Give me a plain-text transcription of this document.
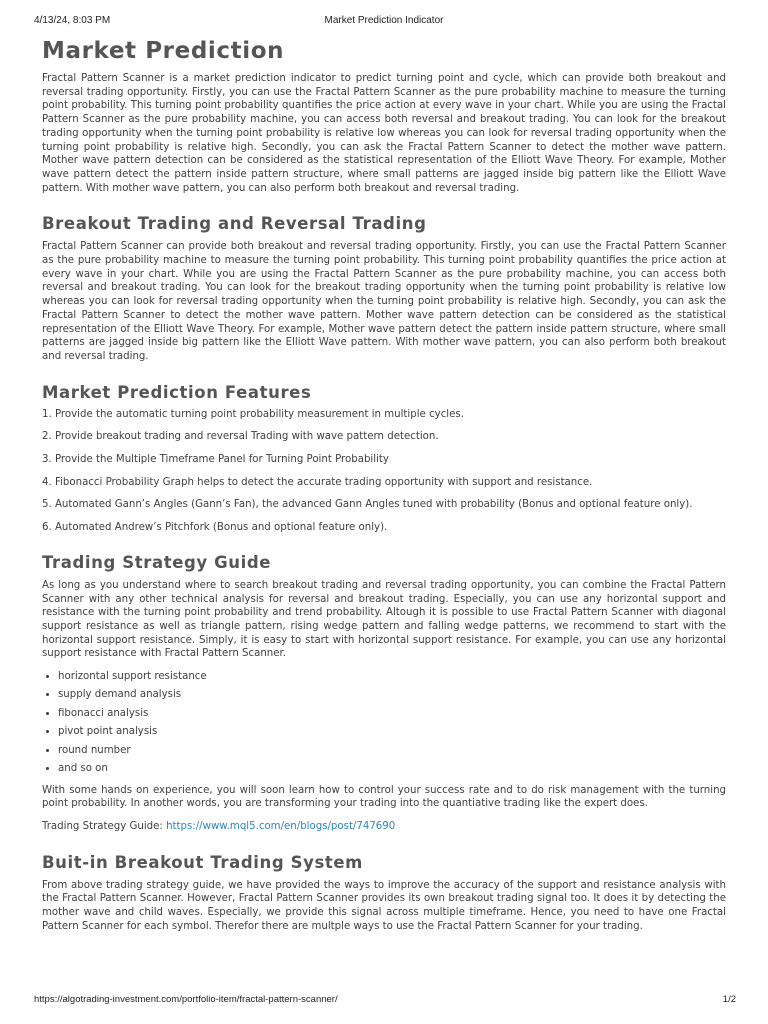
4/13/24, 8:03 PM	Market Prediction Indicator
Market Prediction

Fractal Pattern Scanner is a market prediction indicator to predict turning point and cycle, which can provide both breakout and reversal trading opportunity. Firstly, you can use the Fractal Pattern Scanner as the pure probability machine to measure the turning point probability. This turning point probability quantifies the price action at every wave in your chart. While you are using the Fractal Pattern Scanner as the pure probability machine, you can access both reversal and breakout trading. You can look for the breakout trading opportunity when the turning point probability is relative low whereas you can look for reversal trading opportunity when the turning point probability is relative high. Secondly, you can ask the Fractal Pattern Scanner to detect the mother wave pattern. Mother wave pattern detection can be considered as the statistical representation of the Elliott Wave Theory. For example, Mother wave pattern detect the pattern inside pattern structure, where small patterns are jagged inside big pattern like the Elliott Wave pattern. With mother wave pattern, you can also perform both breakout and reversal trading.

Breakout Trading and Reversal Trading

Fractal Pattern Scanner can provide both breakout and reversal trading opportunity. Firstly, you can use the Fractal Pattern Scanner as the pure probability machine to measure the turning point probability. This turning point probability quantifies the price action at every wave in your chart. While you are using the Fractal Pattern Scanner as the pure probability machine, you can access both reversal and breakout trading. You can look for the breakout trading opportunity when the turning point probability is relative low whereas you can look for reversal trading opportunity when the turning point probability is relative high. Secondly, you can ask the Fractal Pattern Scanner to detect the mother wave pattern. Mother wave pattern detection can be considered as the statistical representation of the Elliott Wave Theory. For example, Mother wave pattern detect the pattern inside pattern structure, where small patterns are jagged inside big pattern like the Elliott Wave pattern. With mother wave pattern, you can also perform both breakout and reversal trading.

Market Prediction Features

1. Provide the automatic turning point probability measurement in multiple cycles.

2. Provide breakout trading and reversal Trading with wave pattern detection.

3. Provide the Multiple Timeframe Panel for Turning Point Probability

4. Fibonacci Probability Graph helps to detect the accurate trading opportunity with support and resistance.

5. Automated Gann’s Angles (Gann’s Fan), the advanced Gann Angles tuned with probability (Bonus and optional feature only).

6. Automated Andrew’s Pitchfork (Bonus and optional feature only).

Trading Strategy Guide

As long as you understand where to search breakout trading and reversal trading opportunity, you can combine the Fractal Pattern Scanner with any other technical analysis for reversal and breakout trading. Especially, you can use any horizontal support and resistance with the turning point probability and trend probability. Altough it is possible to use Fractal Pattern Scanner with diagonal support resistance as well as triangle pattern, rising wedge pattern and falling wedge patterns, we recommend to start with the horizontal support resistance. Simply, it is easy to start with horizontal support resistance. For example, you can use any horizontal support resistance with Fractal Pattern Scanner.

• horizontal support resistance
• supply demand analysis
• fibonacci analysis
• pivot point analysis
• round number
• and so on

With some hands on experience, you will soon learn how to control your success rate and to do risk management with the turning point probability. In another words, you are transforming your trading into the quantiative trading like the expert does.

Trading Strategy Guide: https://www.mql5.com/en/blogs/post/747690

Buit-in Breakout Trading System

From above trading strategy guide, we have provided the ways to improve the accuracy of the support and resistance analysis with the Fractal Pattern Scanner. However, Fractal Pattern Scanner provides its own breakout trading signal too. It does it by detecting the mother wave and child waves. Especially, we provide this signal across multiple timeframe. Hence, you need to have one Fractal Pattern Scanner for each symbol. Therefor there are multple ways to use the Fractal Pattern Scanner for your trading.

https://algotrading-investment.com/portfolio-item/fractal-pattern-scanner/	1/2
